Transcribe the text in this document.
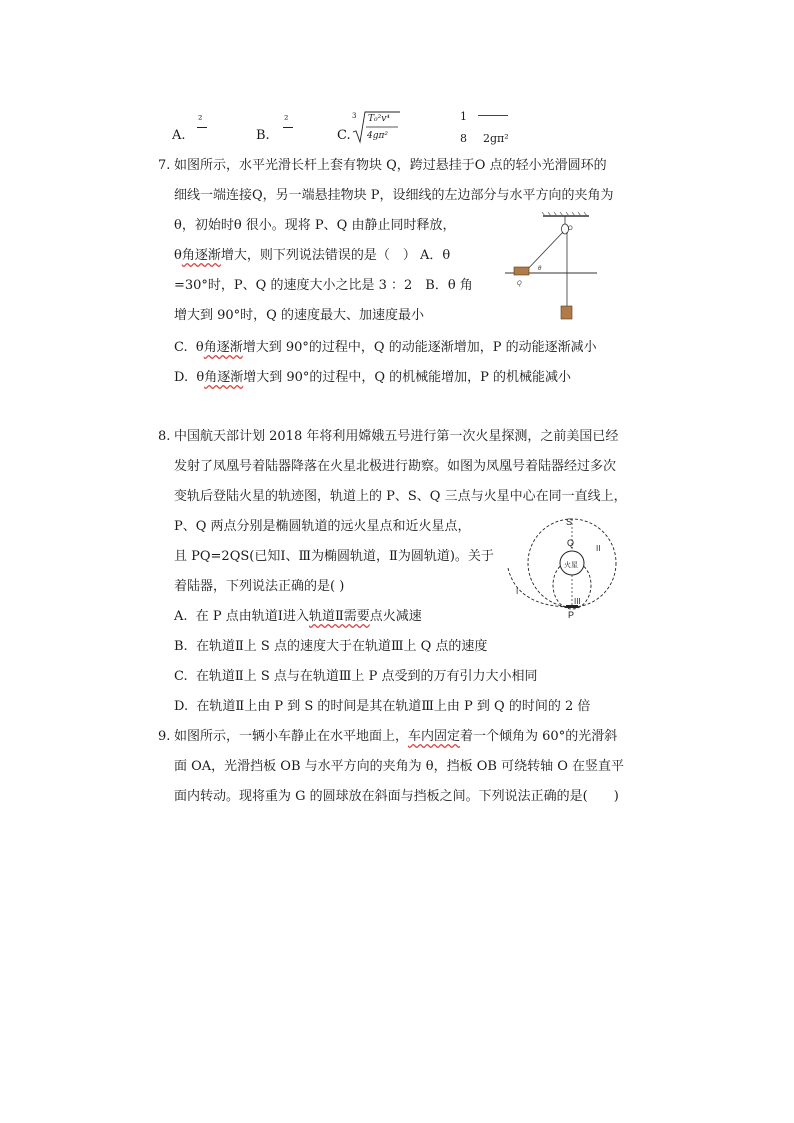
A.
²
B.
²
C.
3 T₀²v⁴
4gπ²
1
8 2gπ²
7. 如图所示，水平光滑长杆上套有物块 Q，跨过悬挂于O 点的轻小光滑圆环的
细线一端连接Q，另一端悬挂物块 P，设细线的左边部分与水平方向的夹角为
θ，初始时θ 很小。现将 P、Q 由静止同时释放，
θ角逐渐增大，则下列说法错误的是（　） A．θ
=30°时，P、Q 的速度大小之比是 3 ：2　B．θ 角
增大到 90°时，Q 的速度最大、加速度最小
C. θ角逐渐增大到 90°的过程中，Q 的动能逐渐增加，P 的动能逐渐减小
D. θ角逐渐增大到 90°的过程中，Q 的机械能增加，P 的机械能减小
O
θ
Q
P
8. 中国航天部计划 2018 年将利用嫦娥五号进行第一次火星探测，之前美国已经
发射了凤凰号着陆器降落在火星北极进行勘察。如图为凤凰号着陆器经过多次
变轨后登陆火星的轨迹图，轨道上的 P、S、Q 三点与火星中心在同一直线上，
P、Q 两点分别是椭圆轨道的远火星点和近火星点，
且 PQ=2QS(已知Ⅰ、Ⅲ为椭圆轨道，Ⅱ为圆轨道)。关于
着陆器，下列说法正确的是( )
A. 在 P 点由轨道Ⅰ进入轨道Ⅱ需要点火减速
B. 在轨道Ⅱ上 S 点的速度大于在轨道Ⅲ上 Q 点的速度
C. 在轨道Ⅱ上 S 点与在轨道Ⅲ上 P 点受到的万有引力大小相同
D. 在轨道Ⅱ上由 P 到 S 的时间是其在轨道Ⅲ上由 P 到 Q 的时间的 2 倍
S
Q
火星
II
III
I
P
9. 如图所示，一辆小车静止在水平地面上，车内固定着一个倾角为 60°的光滑斜
面 OA，光滑挡板 OB 与水平方向的夹角为 θ，挡板 OB 可绕转轴 O 在竖直平
面内转动。现将重为 G 的圆球放在斜面与挡板之间。下列说法正确的是(　　)
